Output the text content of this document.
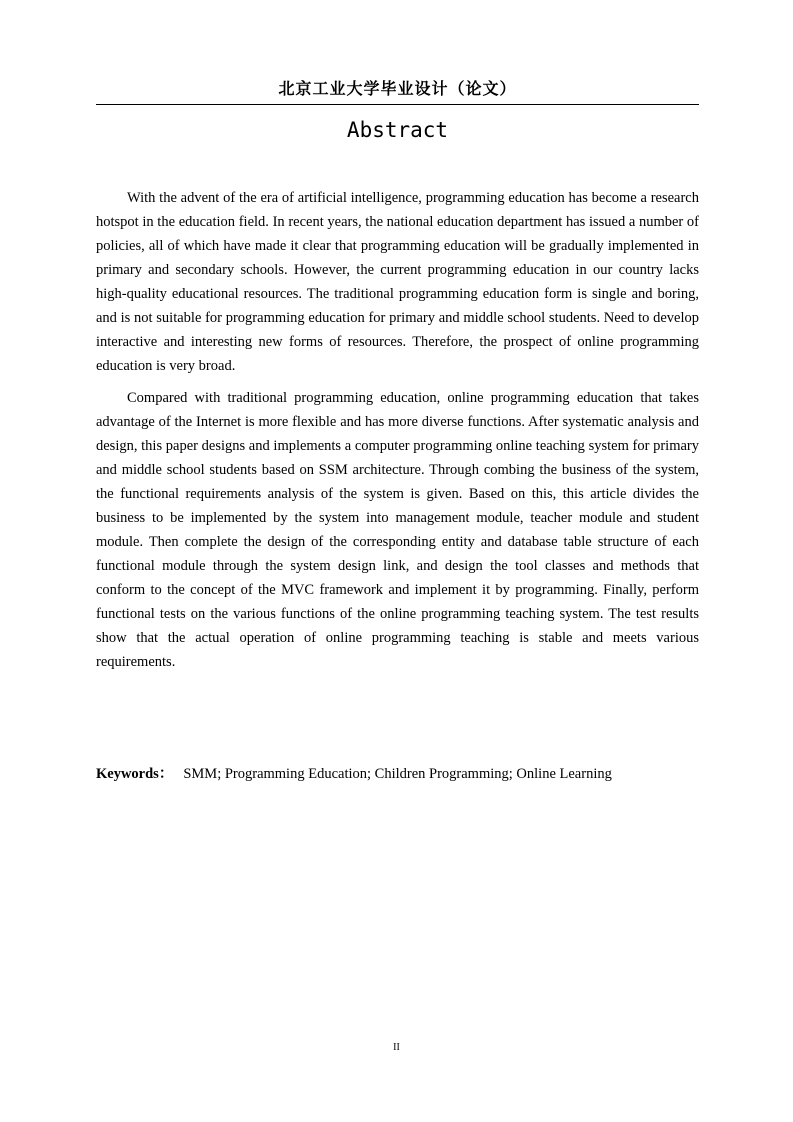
北京工业大学毕业设计（论文）
Abstract

With the advent of the era of artificial intelligence, programming education has become a research hotspot in the education field. In recent years, the national education department has issued a number of policies, all of which have made it clear that programming education will be gradually implemented in primary and secondary schools. However, the current programming education in our country lacks high-quality educational resources. The traditional programming education form is single and boring, and is not suitable for programming education for primary and middle school students. Need to develop interactive and interesting new forms of resources. Therefore, the prospect of online programming education is very broad.

Compared with traditional programming education, online programming education that takes advantage of the Internet is more flexible and has more diverse functions. After systematic analysis and design, this paper designs and implements a computer programming online teaching system for primary and middle school students based on SSM architecture. Through combing the business of the system, the functional requirements analysis of the system is given. Based on this, this article divides the business to be implemented by the system into management module, teacher module and student module. Then complete the design of the corresponding entity and database table structure of each functional module through the system design link, and design the tool classes and methods that conform to the concept of the MVC framework and implement it by programming. Finally, perform functional tests on the various functions of the online programming teaching system. The test results show that the actual operation of online programming teaching is stable and meets various requirements.

Keywords： SMM; Programming Education; Children Programming; Online Learning
II
